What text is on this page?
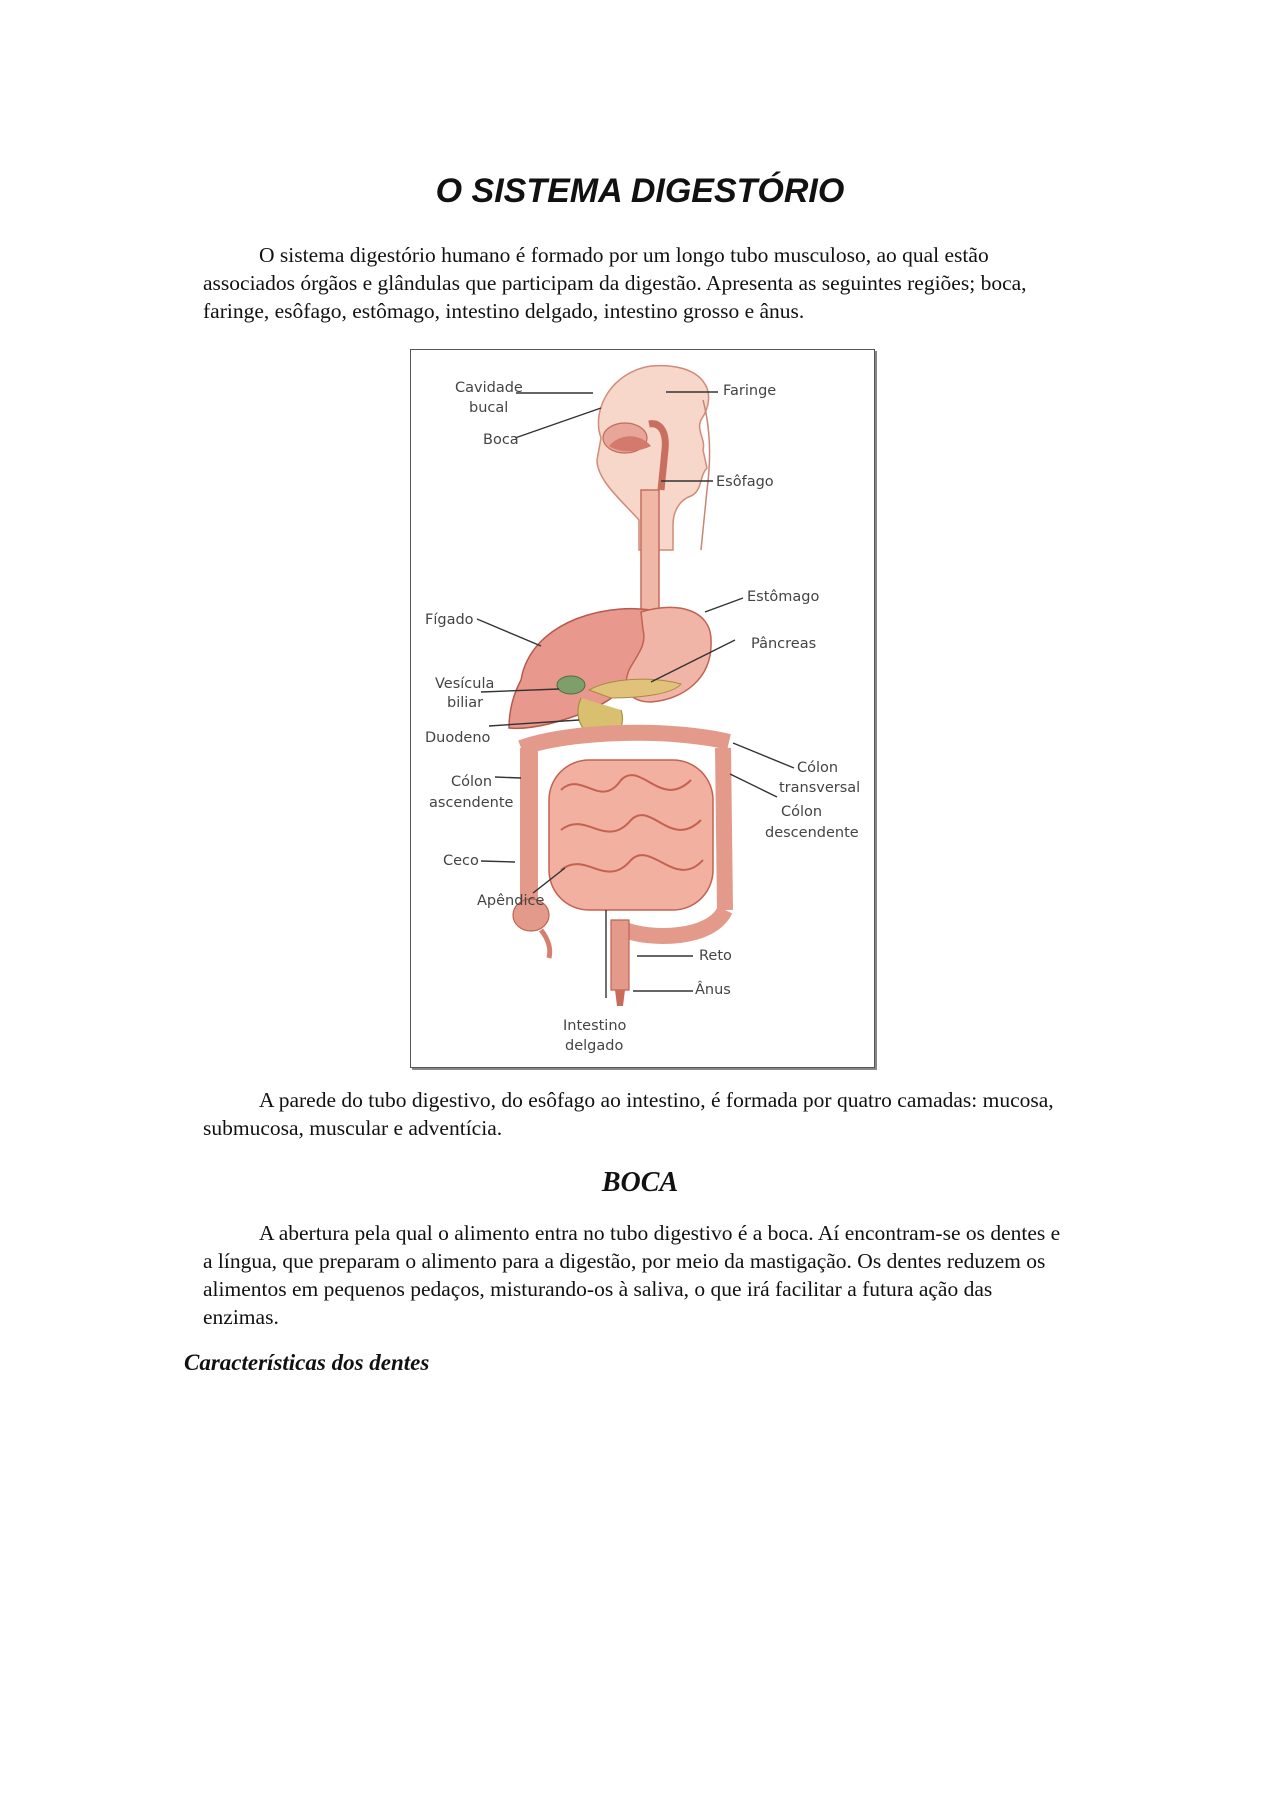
O SISTEMA DIGESTÓRIO

O sistema digestório humano é formado por um longo tubo musculoso, ao qual estão associados órgãos e glândulas que participam da digestão. Apresenta as seguintes regiões; boca, faringe, esôfago, estômago, intestino delgado, intestino grosso e ânus.

Cavidade
bucal
Boca
Faringe
Esôfago
Estômago
Fígado
Pâncreas
Vesícula
biliar
Duodeno
Cólon
transversal
Cólon
descendente
Cólon
ascendente
Ceco
Apêndice
Reto
Ânus
Intestino
delgado

A parede do tubo digestivo, do esôfago ao intestino, é formada por quatro camadas: mucosa, submucosa, muscular e adventícia.

BOCA

A abertura pela qual o alimento entra no tubo digestivo é a boca. Aí encontram-se os dentes e a língua, que preparam o alimento para a digestão, por meio da mastigação. Os dentes reduzem os alimentos em pequenos pedaços, misturando-os à saliva, o que irá facilitar a futura ação das enzimas.

Características dos dentes
